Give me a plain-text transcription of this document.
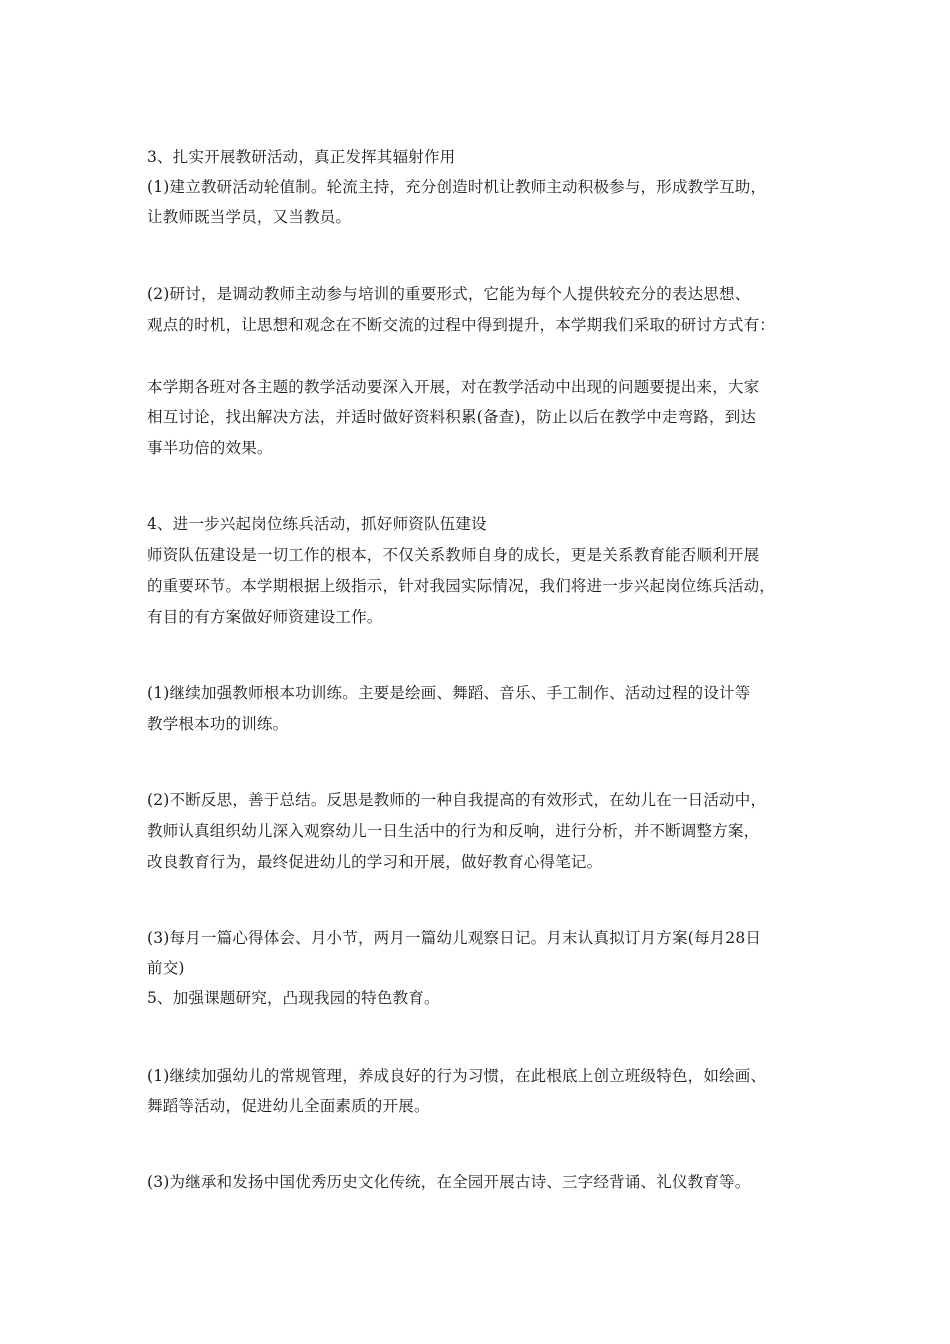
3、扎实开展教研活动，真正发挥其辐射作用
(1)建立教研活动轮值制。轮流主持，充分创造时机让教师主动积极参与，形成教学互助，
让教师既当学员，又当教员。
(2)研讨，是调动教师主动参与培训的重要形式，它能为每个人提供较充分的表达思想、
观点的时机，让思想和观念在不断交流的过程中得到提升，本学期我们采取的研讨方式有：
本学期各班对各主题的教学活动要深入开展，对在教学活动中出现的问题要提出来，大家
相互讨论，找出解决方法，并适时做好资料积累(备查)，防止以后在教学中走弯路，到达
事半功倍的效果。
4、进一步兴起岗位练兵活动，抓好师资队伍建设
师资队伍建设是一切工作的根本，不仅关系教师自身的成长，更是关系教育能否顺利开展
的重要环节。本学期根据上级指示，针对我园实际情况，我们将进一步兴起岗位练兵活动，
有目的有方案做好师资建设工作。
(1)继续加强教师根本功训练。主要是绘画、舞蹈、音乐、手工制作、活动过程的设计等
教学根本功的训练。
(2)不断反思，善于总结。反思是教师的一种自我提高的有效形式，在幼儿在一日活动中，
教师认真组织幼儿深入观察幼儿一日生活中的行为和反响，进行分析，并不断调整方案，
改良教育行为，最终促进幼儿的学习和开展，做好教育心得笔记。
(3)每月一篇心得体会、月小节，两月一篇幼儿观察日记。月末认真拟订月方案(每月28日
前交)
5、加强课题研究，凸现我园的特色教育。
(1)继续加强幼儿的常规管理，养成良好的行为习惯，在此根底上创立班级特色，如绘画、
舞蹈等活动，促进幼儿全面素质的开展。
(3)为继承和发扬中国优秀历史文化传统，在全园开展古诗、三字经背诵、礼仪教育等。
